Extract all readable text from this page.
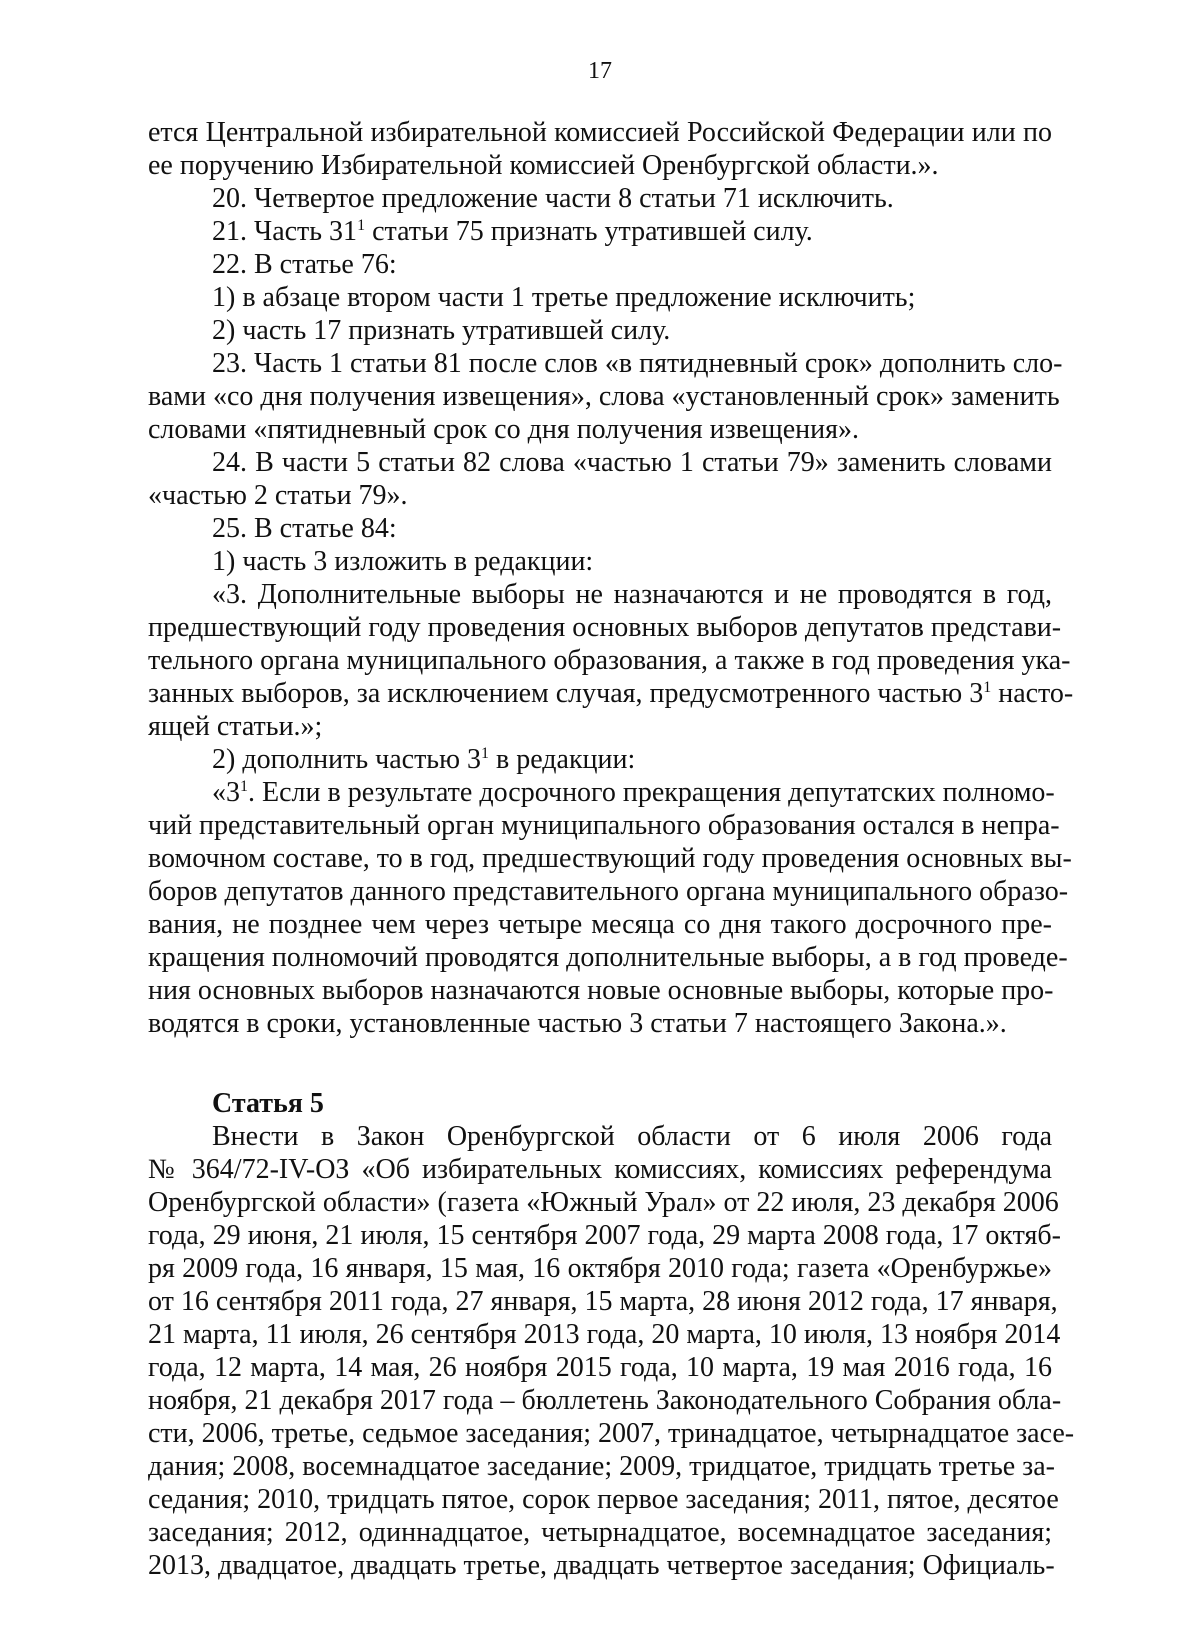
17
ется Центральной избирательной комиссией Российской Федерации или по
ее поручению Избирательной комиссией Оренбургской области.».
20. Четвертое предложение части 8 статьи 71 исключить.
21. Часть $31^1$ статьи 75 признать утратившей силу.
22. В статье 76:
1) в абзаце втором части 1 третье предложение исключить;
2) часть 17 признать утратившей силу.
23. Часть 1 статьи 81 после слов «в пятидневный срок» дополнить сло-
вами «со дня получения извещения», слова «установленный срок» заменить
словами «пятидневный срок со дня получения извещения».
24. В части 5 статьи 82 слова «частью 1 статьи 79» заменить словами
«частью 2 статьи 79».
25. В статье 84:
1) часть 3 изложить в редакции:
«3. Дополнительные выборы не назначаются и не проводятся в год,
предшествующий году проведения основных выборов депутатов представи-
тельного органа муниципального образования, а также в год проведения ука-
занных выборов, за исключением случая, предусмотренного частью $3^1$ насто-
ящей статьи.»;
2) дополнить частью $3^1$ в редакции:
«$3^1$. Если в результате досрочного прекращения депутатских полномо-
чий представительный орган муниципального образования остался в непра-
вомочном составе, то в год, предшествующий году проведения основных вы-
боров депутатов данного представительного органа муниципального образо-
вания, не позднее чем через четыре месяца со дня такого досрочного пре-
кращения полномочий проводятся дополнительные выборы, а в год проведе-
ния основных выборов назначаются новые основные выборы, которые про-
водятся в сроки, установленные частью 3 статьи 7 настоящего Закона.».
Статья 5
Внести в Закон Оренбургской области от 6 июля 2006 года
№ 364/72-IV-ОЗ «Об избирательных комиссиях, комиссиях референдума
Оренбургской области» (газета «Южный Урал» от 22 июля, 23 декабря 2006
года, 29 июня, 21 июля, 15 сентября 2007 года, 29 марта 2008 года, 17 октяб-
ря 2009 года, 16 января, 15 мая, 16 октября 2010 года; газета «Оренбуржье»
от 16 сентября 2011 года, 27 января, 15 марта, 28 июня 2012 года, 17 января,
21 марта, 11 июля, 26 сентября 2013 года, 20 марта, 10 июля, 13 ноября 2014
года, 12 марта, 14 мая, 26 ноября 2015 года, 10 марта, 19 мая 2016 года, 16
ноября, 21 декабря 2017 года – бюллетень Законодательного Собрания обла-
сти, 2006, третье, седьмое заседания; 2007, тринадцатое, четырнадцатое засе-
дания; 2008, восемнадцатое заседание; 2009, тридцатое, тридцать третье за-
седания; 2010, тридцать пятое, сорок первое заседания; 2011, пятое, десятое
заседания; 2012, одиннадцатое, четырнадцатое, восемнадцатое заседания;
2013, двадцатое, двадцать третье, двадцать четвертое заседания; Официаль-
